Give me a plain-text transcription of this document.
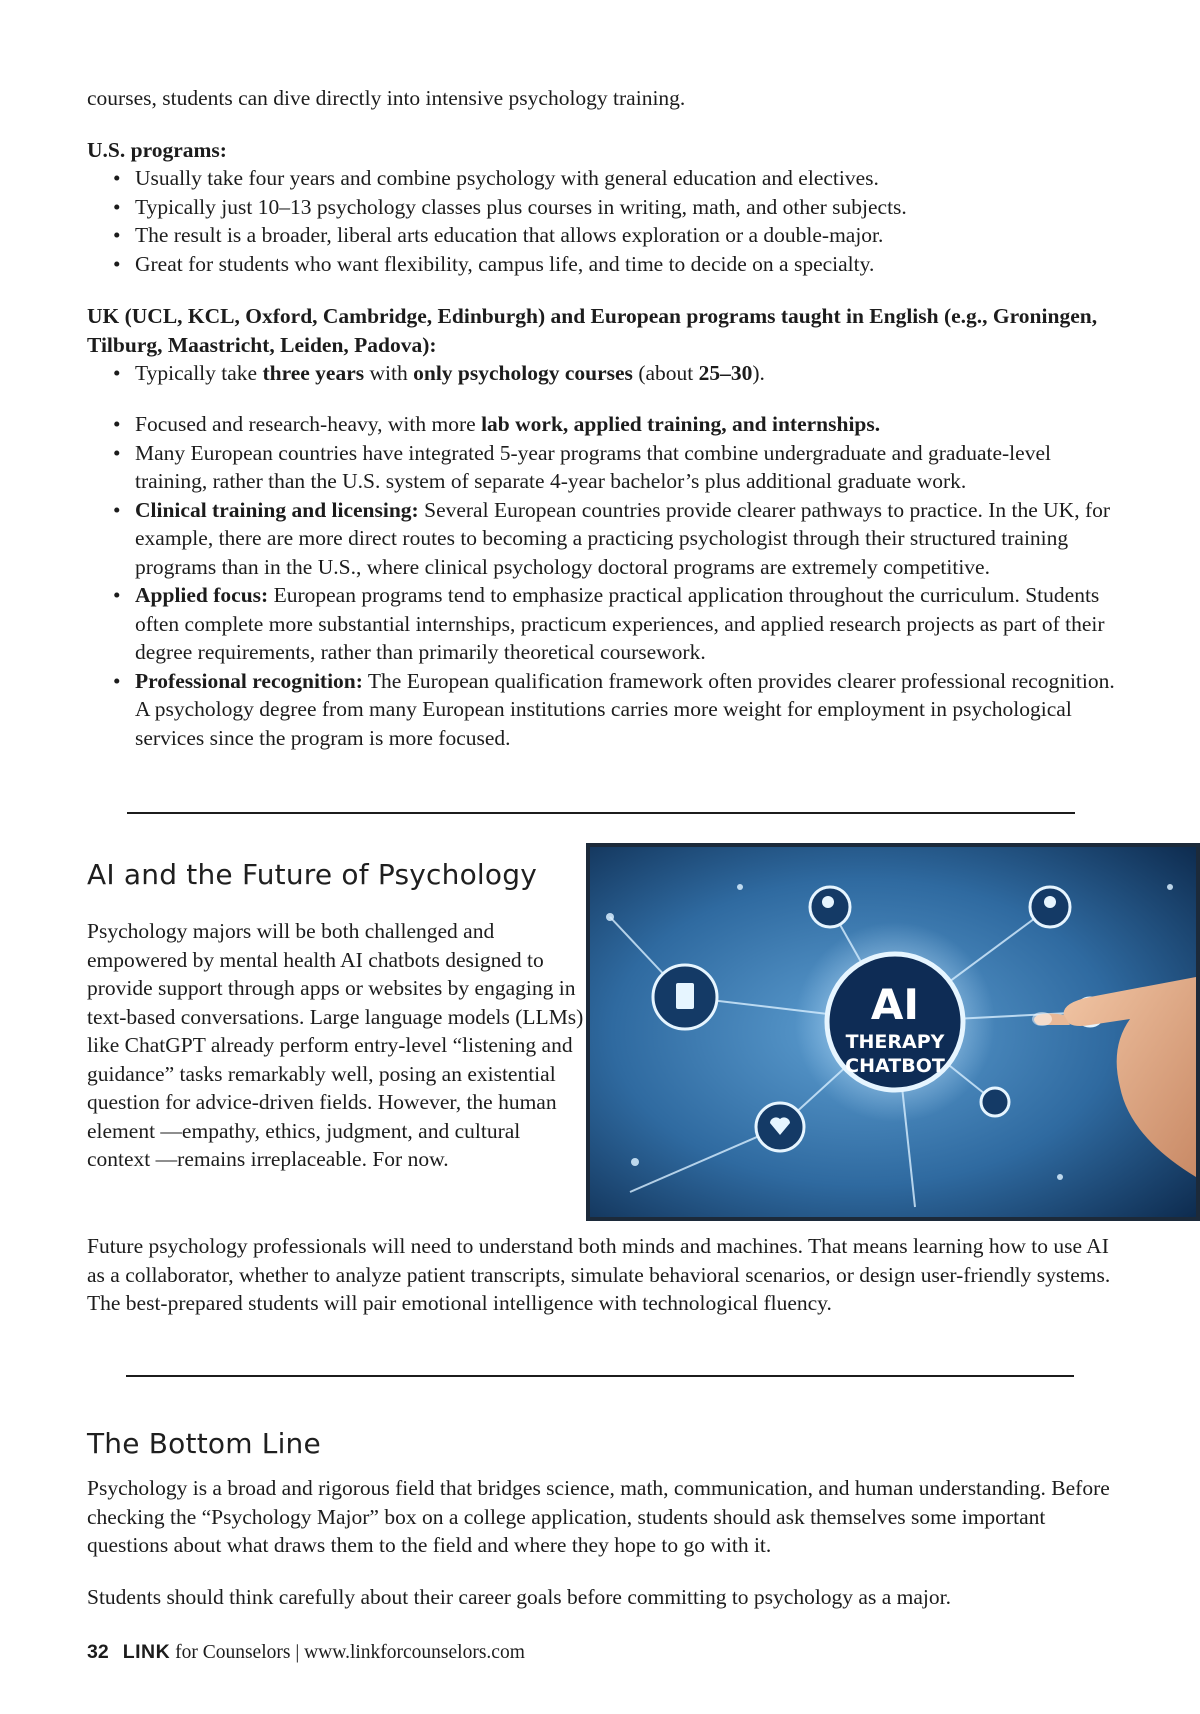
courses, students can dive directly into intensive psychology training.

U.S. programs:

• Usually take four years and combine psychology with general education and electives.
• Typically just 10–13 psychology classes plus courses in writing, math, and other subjects.
• The result is a broader, liberal arts education that allows exploration or a double-major.
• Great for students who want flexibility, campus life, and time to decide on a specialty.

UK (UCL, KCL, Oxford, Cambridge, Edinburgh) and European programs taught in English (e.g., Groningen, Tilburg, Maastricht, Leiden, Padova):

• Typically take three years with only psychology courses (about 25–30).
• Focused and research-heavy, with more lab work, applied training, and internships.
• Many European countries have integrated 5-year programs that combine undergraduate and graduate-level training, rather than the U.S. system of separate 4-year bachelor’s plus additional graduate work.
• Clinical training and licensing: Several European countries provide clearer pathways to practice. In the UK, for example, there are more direct routes to becoming a practicing psychologist through their structured training programs than in the U.S., where clinical psychology doctoral programs are extremely competitive.
• Applied focus: European programs tend to emphasize practical application throughout the curriculum. Students often complete more substantial internships, practicum experiences, and applied research projects as part of their degree requirements, rather than primarily theoretical coursework.
• Professional recognition: The European qualification framework often provides clearer professional recognition. A psychology degree from many European institutions carries more weight for employment in psychological services since the program is more focused.
AI and the Future of Psychology

Psychology majors will be both challenged and empowered by mental health AI chatbots designed to provide support through apps or websites by engaging in text-based conversations. Large language models (LLMs) like ChatGPT already perform entry-level “listening and guidance” tasks remarkably well, posing an existential question for advice-driven fields. However, the human element —empathy, ethics, judgment, and cultural context —remains irreplaceable. For now.

AI
THERAPY
CHATBOT

Future psychology professionals will need to understand both minds and machines. That means learning how to use AI as a collaborator, whether to analyze patient transcripts, simulate behavioral scenarios, or design user-friendly systems. The best-prepared students will pair emotional intelligence with technological fluency.

The Bottom Line

Psychology is a broad and rigorous field that bridges science, math, communication, and human understanding. Before checking the “Psychology Major” box on a college application, students should ask themselves some important questions about what draws them to the field and where they hope to go with it.

Students should think carefully about their career goals before committing to psychology as a major.

32 LINK for Counselors | www.linkforcounselors.com
